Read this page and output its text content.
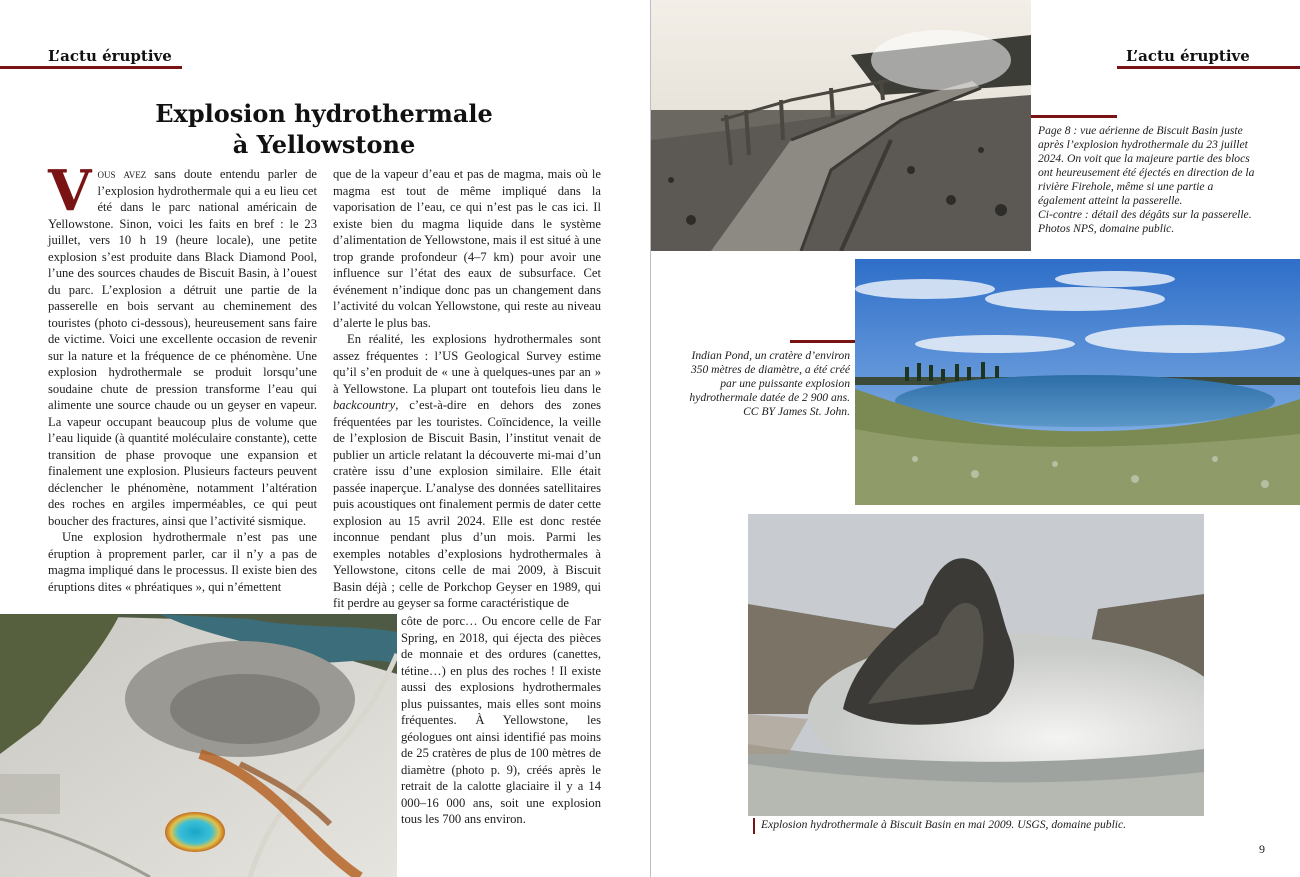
L’actu éruptive
Explosion hydrothermale
à Yellowstone

Vous avez sans doute entendu parler de l’explosion hydrothermale qui a eu lieu cet été dans le parc national américain de Yellowstone. Sinon, voici les faits en bref : le 23 juillet, vers 10 h 19 (heure locale), une petite explosion s’est produite dans Black Diamond Pool, l’une des sources chaudes de Biscuit Basin, à l’ouest du parc. L’explosion a détruit une partie de la passerelle en bois servant au cheminement des touristes (photo ci-dessous), heureusement sans faire de victime. Voici une excellente occasion de revenir sur la nature et la fréquence de ce phénomène. Une explosion hydrothermale se produit lorsqu’une soudaine chute de pression transforme l’eau qui alimente une source chaude ou un geyser en vapeur. La vapeur occupant beaucoup plus de volume que l’eau liquide (à quantité moléculaire constante), cette transition de phase provoque une expansion et finalement une explosion. Plusieurs facteurs peuvent déclencher le phénomène, notamment l’altération des roches en argiles imperméables, ce qui peut boucher des fractures, ainsi que l’activité sismique.

Une explosion hydrothermale n’est pas une éruption à proprement parler, car il n’y a pas de magma impliqué dans le processus. Il existe bien des éruptions dites « phréatiques », qui n’émettent

que de la vapeur d’eau et pas de magma, mais où le magma est tout de même impliqué dans la vaporisation de l’eau, ce qui n’est pas le cas ici. Il existe bien du magma liquide dans le système d’alimentation de Yellowstone, mais il est situé à une trop grande profondeur (4–7 km) pour avoir une influence sur l’état des eaux de subsurface. Cet événement n’indique donc pas un changement dans l’activité du volcan Yellowstone, qui reste au niveau d’alerte le plus bas.

En réalité, les explosions hydrothermales sont assez fréquentes : l’US Geological Survey estime qu’il s’en produit de « une à quelques-unes par an » à Yellowstone. La plupart ont toutefois lieu dans le backcountry, c’est-à-dire en dehors des zones fréquentées par les touristes. Coïncidence, la veille de l’explosion de Biscuit Basin, l’institut venait de publier un article relatant la découverte mi-mai d’un cratère issu d’une explosion similaire. Elle était passée inaperçue. L’analyse des données satellitaires puis acoustiques ont finalement permis de dater cette explosion au 15 avril 2024. Elle est donc restée inconnue pendant plus d’un mois. Parmi les exemples notables d’explosions hydrothermales à Yellowstone, citons celle de mai 2009, à Biscuit Basin déjà ; celle de Porkchop Geyser en 1989, qui fit perdre au geyser sa forme caractéristique de

côte de porc… Ou encore celle de Far Spring, en 2018, qui éjecta des pièces de monnaie et des ordures (canettes, tétine…) en plus des roches ! Il existe aussi des explosions hydrothermales plus puissantes, mais elles sont moins fréquentes. À Yellowstone, les géologues ont ainsi identifié pas moins de 25 cratères de plus de 100 mètres de diamètre (photo p. 9), créés après le retrait de la calotte glaciaire il y a 14 000–16 000 ans, soit une explosion tous les 700 ans environ.

L’actu éruptive
Page 8 : vue aérienne de Biscuit Basin juste après l’explosion hydrothermale du 23 juillet 2024. On voit que la majeure partie des blocs ont heureusement été éjectés en direction de la rivière Firehole, même si une partie a également atteint la passerelle.
Ci-contre : détail des dégâts sur la passerelle. Photos NPS, domaine public.
Indian Pond, un cratère d’environ 350 mètres de diamètre, a été créé par une puissante explosion hydrothermale datée de 2 900 ans. CC BY James St. John.
Explosion hydrothermale à Biscuit Basin en mai 2009. USGS, domaine public.
9
